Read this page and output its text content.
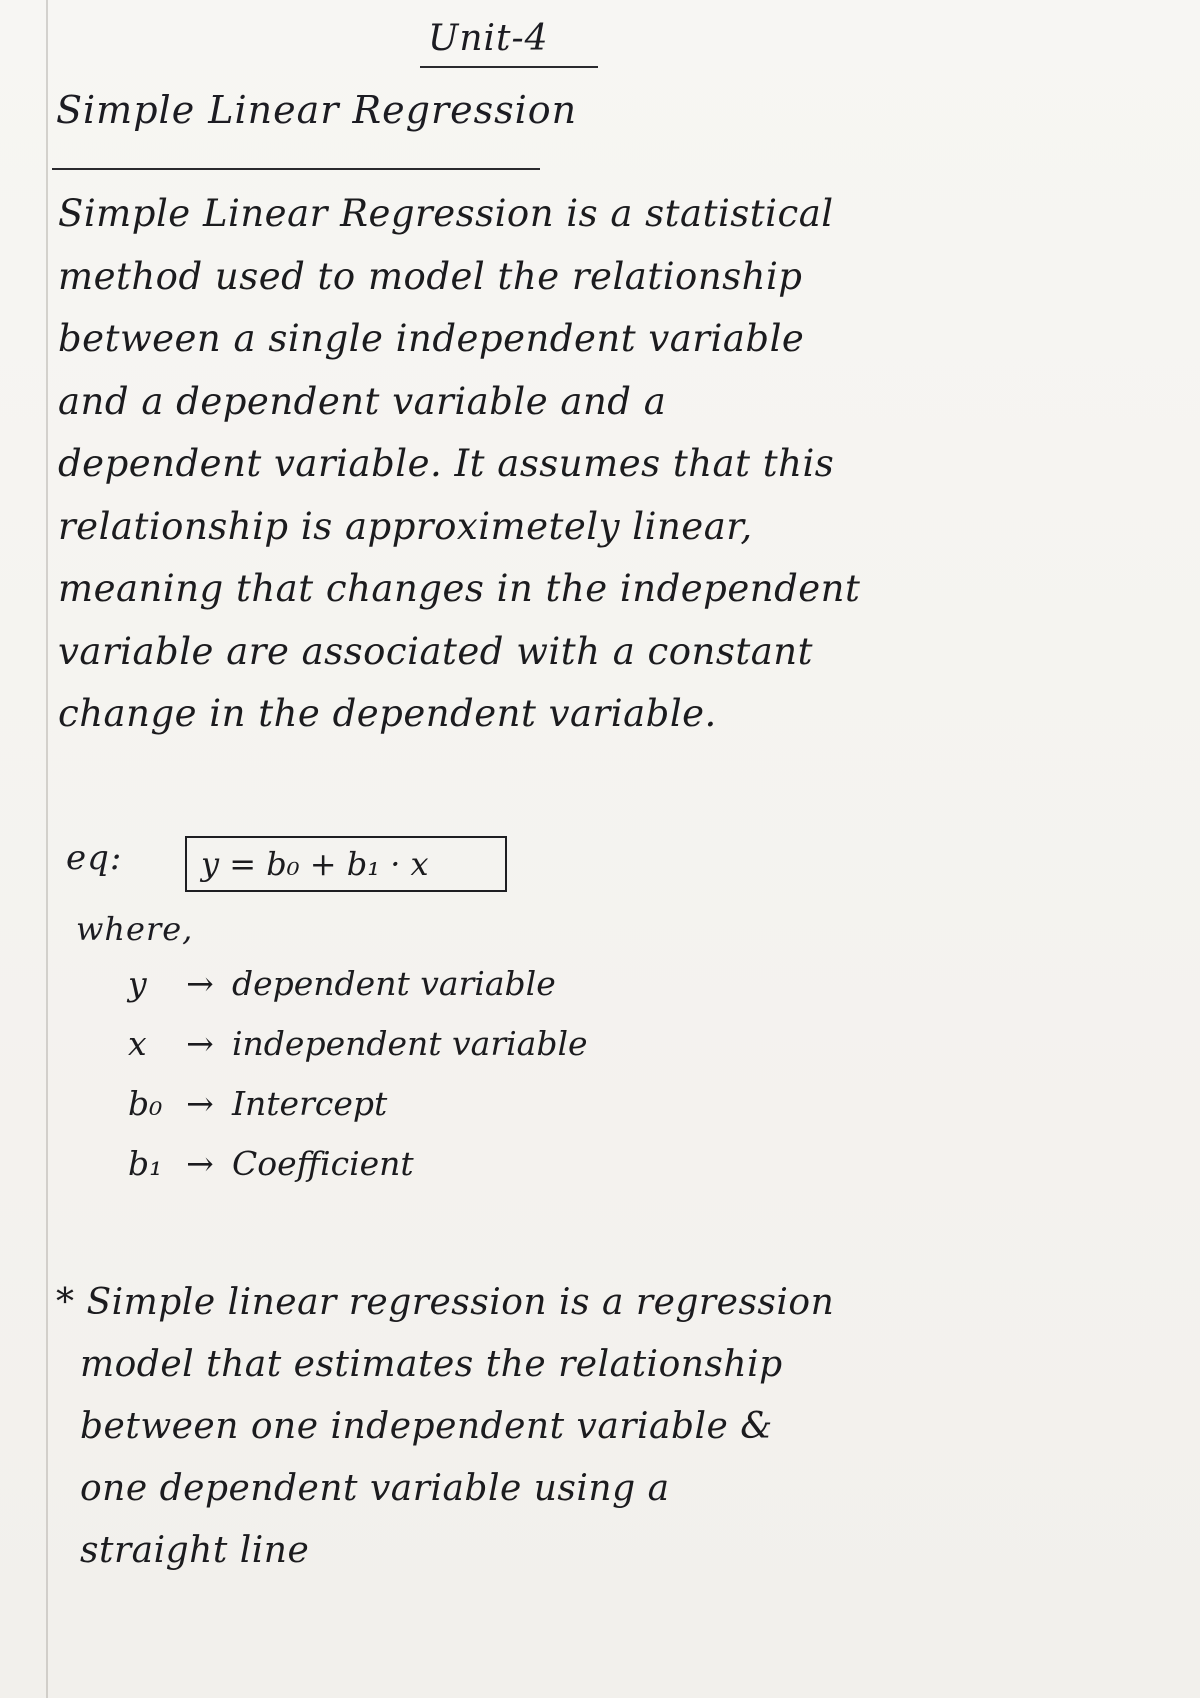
Unit-4
Simple Linear Regression
Simple Linear Regression is a statistical
method used to model the relationship
between a single independent variable
and a dependent variable and a
dependent variable. It assumes that this
relationship is approximetely linear,
meaning that changes in the independent
variable are associated with a constant
change in the dependent variable.
eq:	y = b₀ + b₁ · x
where,
y → dependent variable
x → independent variable
b₀ → Intercept
b₁ → Coefficient
* Simple linear regression is a regression
model that estimates the relationship
between one independent variable &
one dependent variable using a
straight line
